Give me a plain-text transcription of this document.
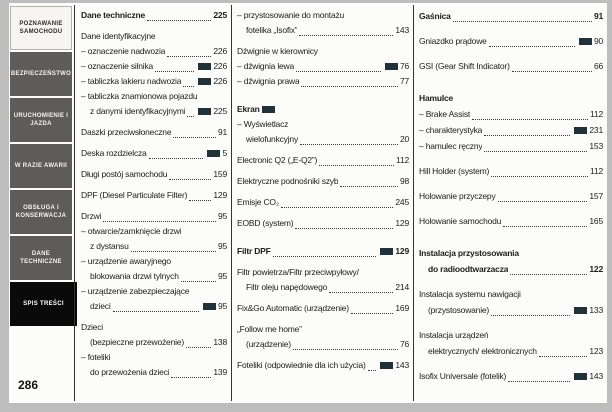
POZNAWANIE SAMOCHODU
BEZPIECZEŃSTWO
URUCHOMIENIE I JAZDA
W RAZIE AWARII
OBSŁUGA I KONSERWACJA
DANE TECHNICZNE
SPIS TREŚCI
Dane techniczne	225
Dane identyfikacyjne
– oznaczenie nadwozia	226
– oznaczenie silnika	226
– tabliczka lakieru nadwozia	226
– tabliczka znamionowa pojazdu
z danymi identyfikacyjnymi	225
Daszki przeciwsłoneczne	91
Deska rozdzielcza	5
Długi postój samochodu	159
DPF (Diesel Particulate Filter)	129
Drzwi	95
– otwarcie/zamknięcie drzwi
z dystansu	95
– urządzenie awaryjnego
blokowania drzwi tylnych	95
– urządzenie zabezpieczające
dzieci	95
Dzieci
(bezpieczne przewożenie)	138
– foteliki
do przewożenia dzieci	139
– przystosowanie do montażu
fotelika „Isofix”	143
Dźwignie w kierownicy
– dźwignia lewa	76
– dźwignia prawa	77
Ekran
– Wyświetlacz
wielofunkcyjny	20
Electronic Q2 („E-Q2”)	112
Elektryczne podnośniki szyb	98
Emisje CO₂	245
EOBD (system)	129
Filtr DPF	129
Filtr powietrza/Filtr przeciwpyłowy/
Filtr oleju napędowego	214
Fix&Go Automatic (urządzenie)	169
„Follow me home”
(urządzenie)	76
Foteliki (odpowiednie dla ich użycia)	143
Gaśnica	91
Gniazdko prądowe	90
GSI (Gear Shift Indicator)	66
Hamulce
– Brake Assist	112
– charakterystyka	231
– hamulec ręczny	153
Hill Holder (system)	112
Holowanie przyczepy	157
Holowanie samochodu	165
Instalacja przystosowania
do radioodtwarzacza	122
Instalacja systemu nawigacji
(przystosowanie)	133
Instalacja urządzeń
elektrycznych/ elektronicznych	123
Isofix Universale (fotelik)	143
286
